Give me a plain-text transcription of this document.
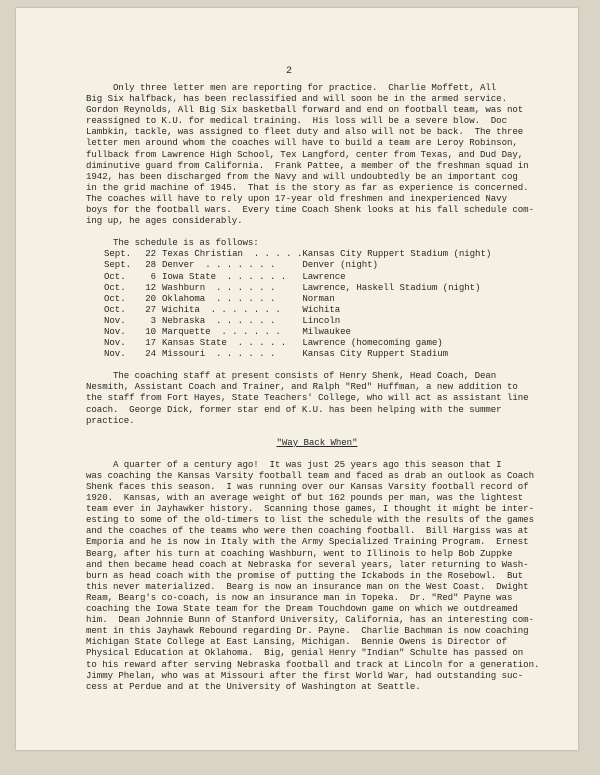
2
Only three letter men are reporting for practice.  Charlie Moffett, All
Big Six halfback, has been reclassified and will soon be in the armed service.
Gordon Reynolds, All Big Six basketball forward and end on football team, was not
reassigned to K.U. for medical training.  His loss will be a severe blow.  Doc
Lambkin, tackle, was assigned to fleet duty and also will not be back.  The three
letter men around whom the coaches will have to build a team are Leroy Robinson,
fullback from Lawrence High School, Tex Langford, center from Texas, and Dud Day,
diminutive guard from California.  Frank Pattee, a member of the freshman squad in
1942, has been discharged from the Navy and will undoubtedly be an important cog
in the grid machine of 1945.  That is the story as far as experience is concerned.
The coaches will have to rely upon 17-year old freshmen and inexperienced Navy
boys for the football wars.  Every time Coach Shenk looks at his fall schedule com-
ing up, he ages considerably.
The schedule is as follows:
Sept.	22	Texas Christian . . . . .	Kansas City Ruppert Stadium (night)
Sept.	28	Denver . . . . . . .	Denver (night)
Oct.	6	Iowa State . . . . . .	Lawrence
Oct.	12	Washburn . . . . . .	Lawrence, Haskell Stadium (night)
Oct.	20	Oklahoma . . . . . .	Norman
Oct.	27	Wichita . . . . . . .	Wichita
Nov.	3	Nebraska . . . . . .	Lincoln
Nov.	10	Marquette . . . . . .	Milwaukee
Nov.	17	Kansas State . . . . .	Lawrence (homecoming game)
Nov.	24	Missouri . . . . . .	Kansas City Ruppert Stadium
The coaching staff at present consists of Henry Shenk, Head Coach, Dean
Nesmith, Assistant Coach and Trainer, and Ralph "Red" Huffman, a new addition to
the staff from Fort Hayes, State Teachers' College, who will act as assistant line
coach.  George Dick, former star end of K.U. has been helping with the summer
practice.
"Way Back When"
A quarter of a century ago!  It was just 25 years ago this season that I
was coaching the Kansas Varsity football team and faced as drab an outlook as Coach
Shenk faces this season.  I was running over our Kansas Varsity football record of
1920.  Kansas, with an average weight of but 162 pounds per man, was the lightest
team ever in Jayhawker history.  Scanning those games, I thought it might be inter-
esting to some of the old-timers to list the schedule with the results of the games
and the coaches of the teams who were then coaching football.  Bill Hargiss was at
Emporia and he is now in Italy with the Army Specialized Training Program.  Ernest
Bearg, after his turn at coaching Washburn, went to Illinois to help Bob Zuppke
and then became head coach at Nebraska for several years, later returning to Wash-
burn as head coach with the promise of putting the Ickabods in the Rosebowl.  But
this never materialized.  Bearg is now an insurance man on the West Coast.  Dwight
Ream, Bearg's co-coach, is now an insurance man in Topeka.  Dr. "Red" Payne was
coaching the Iowa State team for the Dream Touchdown game on which we outdreamed
him.  Dean Johnnie Bunn of Stanford University, California, has an interesting com-
ment in this Jayhawk Rebound regarding Dr. Payne.  Charlie Bachman is now coaching
Michigan State College at East Lansing, Michigan.  Bennie Owens is Director of
Physical Education at Oklahoma.  Big, genial Henry "Indian" Schulte has passed on
to his reward after serving Nebraska football and track at Lincoln for a generation.
Jimmy Phelan, who was at Missouri after the first World War, had outstanding suc-
cess at Perdue and at the University of Washington at Seattle.
